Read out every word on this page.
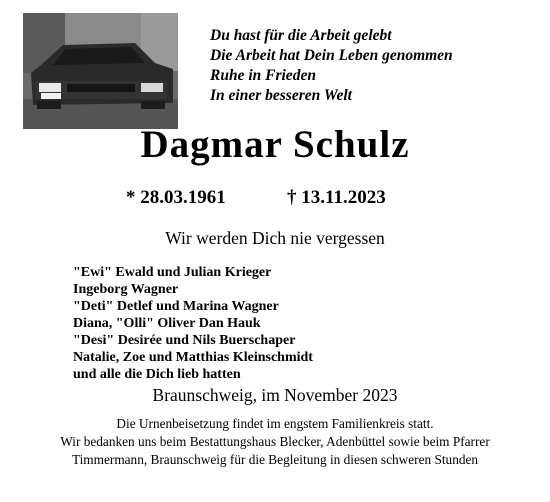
Du hast für die Arbeit gelebt
Die Arbeit hat Dein Leben genommen
Ruhe in Frieden
In einer besseren Welt
Dagmar Schulz
* 28.03.1961	† 13.11.2023
Wir werden Dich nie vergessen
"Ewi" Ewald und Julian Krieger
Ingeborg Wagner
"Deti" Detlef und Marina Wagner
Diana, "Olli" Oliver Dan Hauk
"Desi" Desirée und Nils Buerschaper
Natalie, Zoe und Matthias Kleinschmidt
und alle die Dich lieb hatten
Braunschweig, im November 2023
Die Urnenbeisetzung findet im engstem Familienkreis statt.
Wir bedanken uns beim Bestattungshaus Blecker, Adenbüttel sowie beim Pfarrer
Timmermann, Braunschweig für die Begleitung in diesen schweren Stunden
